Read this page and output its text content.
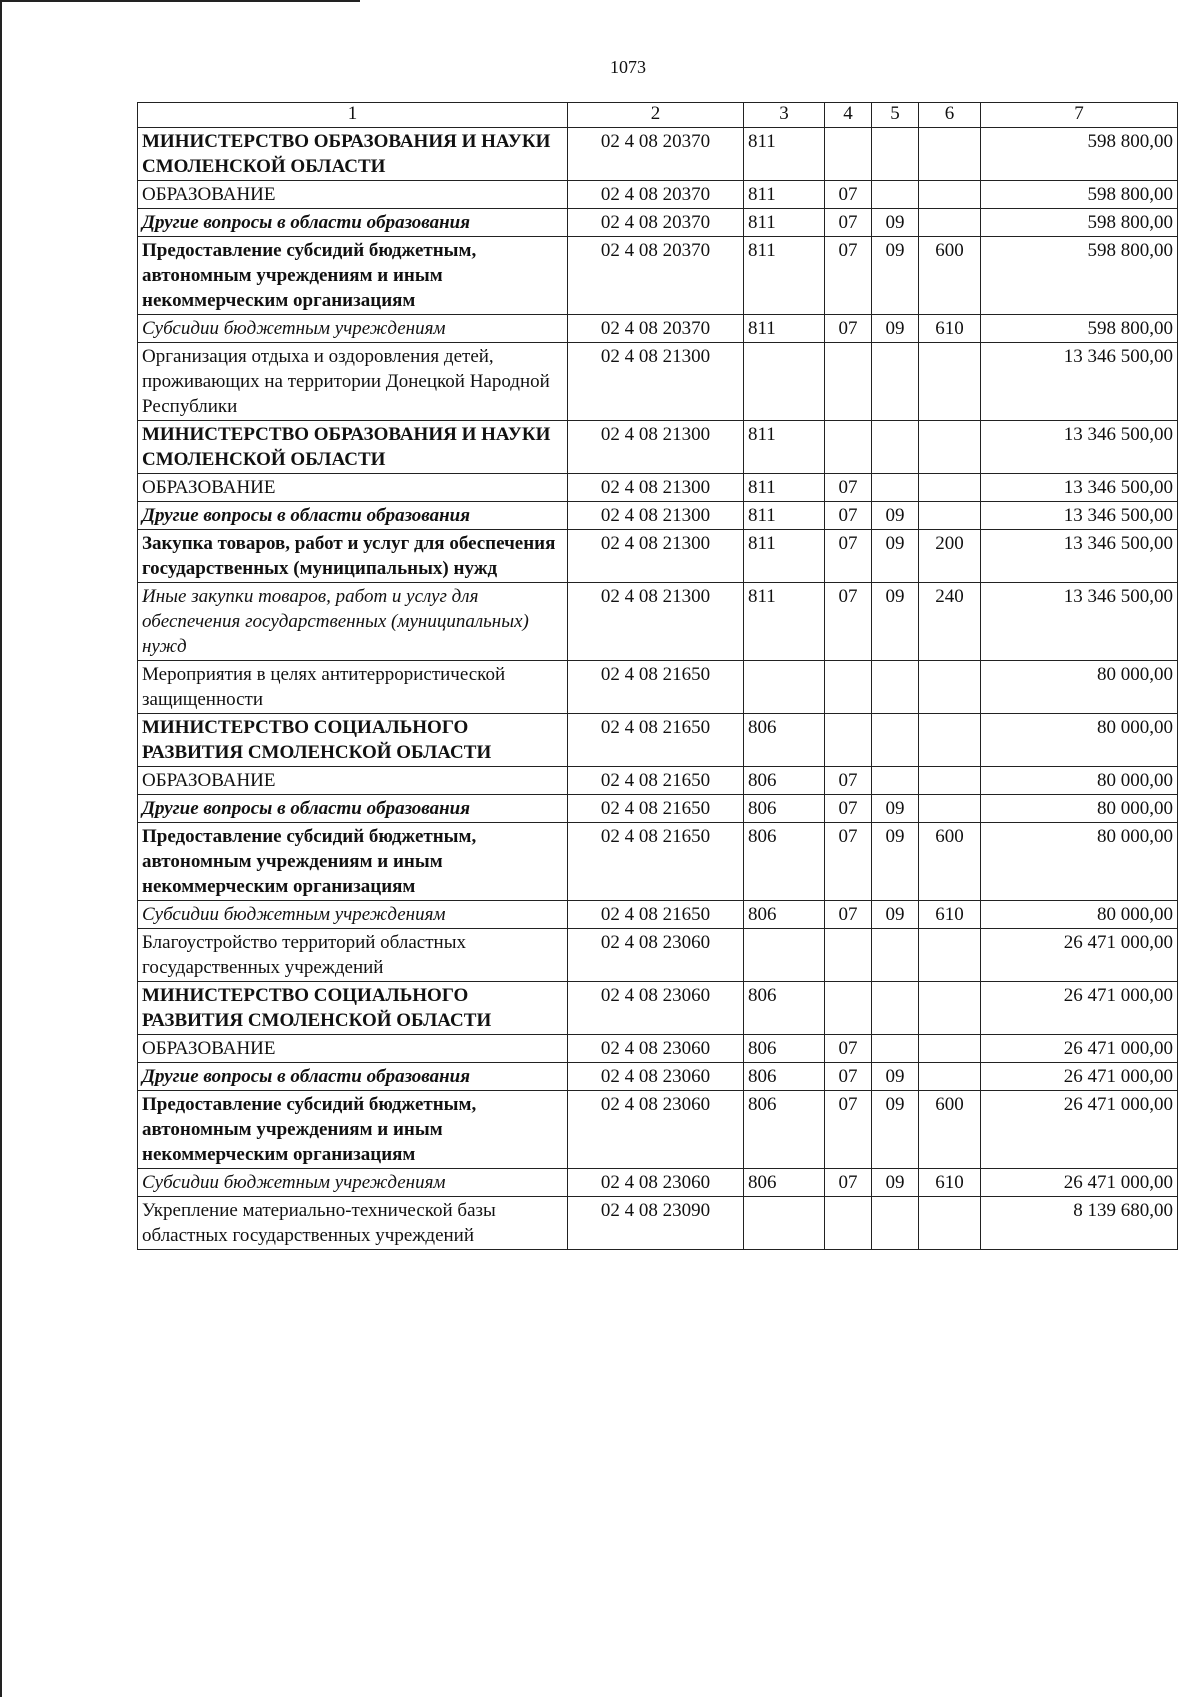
1073
1	2	3	4	5	6	7
МИНИСТЕРСТВО ОБРАЗОВАНИЯ И НАУКИ СМОЛЕНСКОЙ ОБЛАСТИ	02 4 08 20370	811				598 800,00
ОБРАЗОВАНИЕ	02 4 08 20370	811	07			598 800,00
Другие вопросы в области образования	02 4 08 20370	811	07	09		598 800,00
Предоставление субсидий бюджетным, автономным учреждениям и иным некоммерческим организациям	02 4 08 20370	811	07	09	600	598 800,00
Субсидии бюджетным учреждениям	02 4 08 20370	811	07	09	610	598 800,00
Организация отдыха и оздоровления детей, проживающих на территории Донецкой Народной Республики	02 4 08 21300					13 346 500,00
МИНИСТЕРСТВО ОБРАЗОВАНИЯ И НАУКИ СМОЛЕНСКОЙ ОБЛАСТИ	02 4 08 21300	811				13 346 500,00
ОБРАЗОВАНИЕ	02 4 08 21300	811	07			13 346 500,00
Другие вопросы в области образования	02 4 08 21300	811	07	09		13 346 500,00
Закупка товаров, работ и услуг для обеспечения государственных (муниципальных) нужд	02 4 08 21300	811	07	09	200	13 346 500,00
Иные закупки товаров, работ и услуг для обеспечения государственных (муниципальных) нужд	02 4 08 21300	811	07	09	240	13 346 500,00
Мероприятия в целях антитеррористической защищенности	02 4 08 21650					80 000,00
МИНИСТЕРСТВО СОЦИАЛЬНОГО РАЗВИТИЯ СМОЛЕНСКОЙ ОБЛАСТИ	02 4 08 21650	806				80 000,00
ОБРАЗОВАНИЕ	02 4 08 21650	806	07			80 000,00
Другие вопросы в области образования	02 4 08 21650	806	07	09		80 000,00
Предоставление субсидий бюджетным, автономным учреждениям и иным некоммерческим организациям	02 4 08 21650	806	07	09	600	80 000,00
Субсидии бюджетным учреждениям	02 4 08 21650	806	07	09	610	80 000,00
Благоустройство территорий областных государственных учреждений	02 4 08 23060					26 471 000,00
МИНИСТЕРСТВО СОЦИАЛЬНОГО РАЗВИТИЯ СМОЛЕНСКОЙ ОБЛАСТИ	02 4 08 23060	806				26 471 000,00
ОБРАЗОВАНИЕ	02 4 08 23060	806	07			26 471 000,00
Другие вопросы в области образования	02 4 08 23060	806	07	09		26 471 000,00
Предоставление субсидий бюджетным, автономным учреждениям и иным некоммерческим организациям	02 4 08 23060	806	07	09	600	26 471 000,00
Субсидии бюджетным учреждениям	02 4 08 23060	806	07	09	610	26 471 000,00
Укрепление материально-технической базы областных государственных учреждений	02 4 08 23090					8 139 680,00
